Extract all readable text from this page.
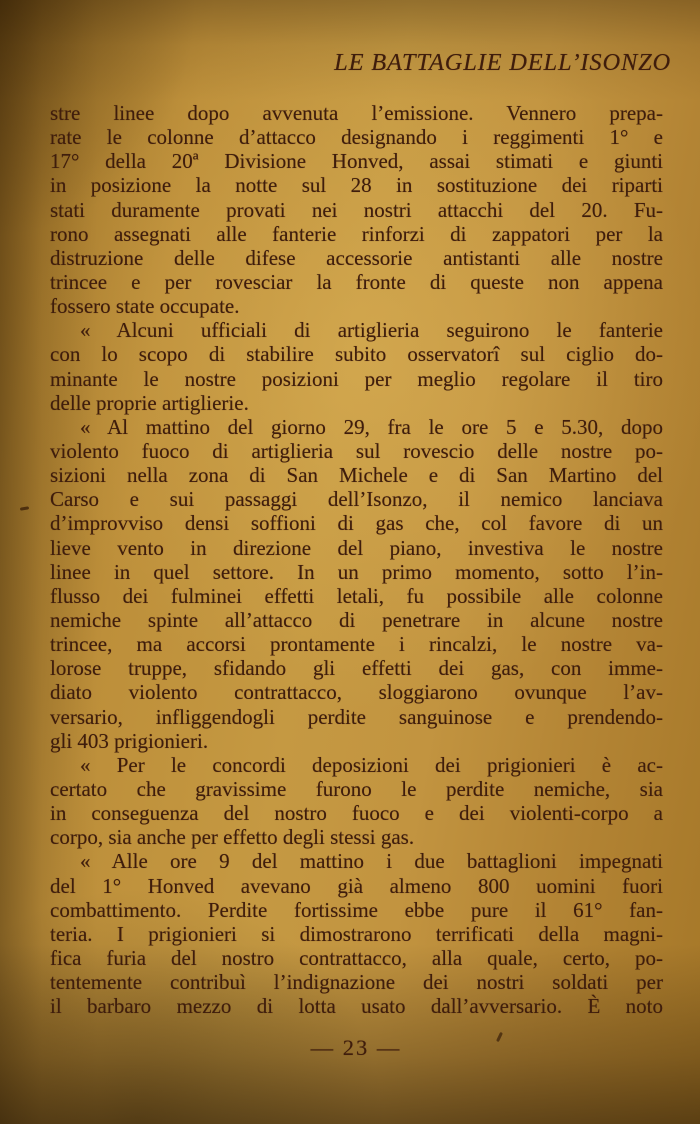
LE BATTAGLIE DELL’ISONZO
stre linee dopo avvenuta l’emissione. Vennero prepa-
rate le colonne d’attacco designando i reggimenti 1° e
17° della 20ª Divisione Honved, assai stimati e giunti
in posizione la notte sul 28 in sostituzione dei riparti
stati duramente provati nei nostri attacchi del 20. Fu-
rono assegnati alle fanterie rinforzi di zappatori per la
distruzione delle difese accessorie antistanti alle nostre
trincee e per rovesciar la fronte di queste non appena
fossero state occupate.
« Alcuni ufficiali di artiglieria seguirono le fanterie
con lo scopo di stabilire subito osservatorî sul ciglio do-
minante le nostre posizioni per meglio regolare il tiro
delle proprie artiglierie.
« Al mattino del giorno 29, fra le ore 5 e 5.30, dopo
violento fuoco di artiglieria sul rovescio delle nostre po-
sizioni nella zona di San Michele e di San Martino del
Carso e sui passaggi dell’Isonzo, il nemico lanciava
d’improvviso densi soffioni di gas che, col favore di un
lieve vento in direzione del piano, investiva le nostre
linee in quel settore. In un primo momento, sotto l’in-
flusso dei fulminei effetti letali, fu possibile alle colonne
nemiche spinte all’attacco di penetrare in alcune nostre
trincee, ma accorsi prontamente i rincalzi, le nostre va-
lorose truppe, sfidando gli effetti dei gas, con imme-
diato violento contrattacco, sloggiarono ovunque l’av-
versario, infliggendogli perdite sanguinose e prendendo-
gli 403 prigionieri.
« Per le concordi deposizioni dei prigionieri è ac-
certato che gravissime furono le perdite nemiche, sia
in conseguenza del nostro fuoco e dei violenti-corpo a
corpo, sia anche per effetto degli stessi gas.
« Alle ore 9 del mattino i due battaglioni impegnati
del 1° Honved avevano già almeno 800 uomini fuori
combattimento. Perdite fortissime ebbe pure il 61° fan-
teria. I prigionieri si dimostrarono terrificati della magni-
fica furia del nostro contrattacco, alla quale, certo, po-
tentemente contribuì l’indignazione dei nostri soldati per
il barbaro mezzo di lotta usato dall’avversario. È noto
— 23 —
